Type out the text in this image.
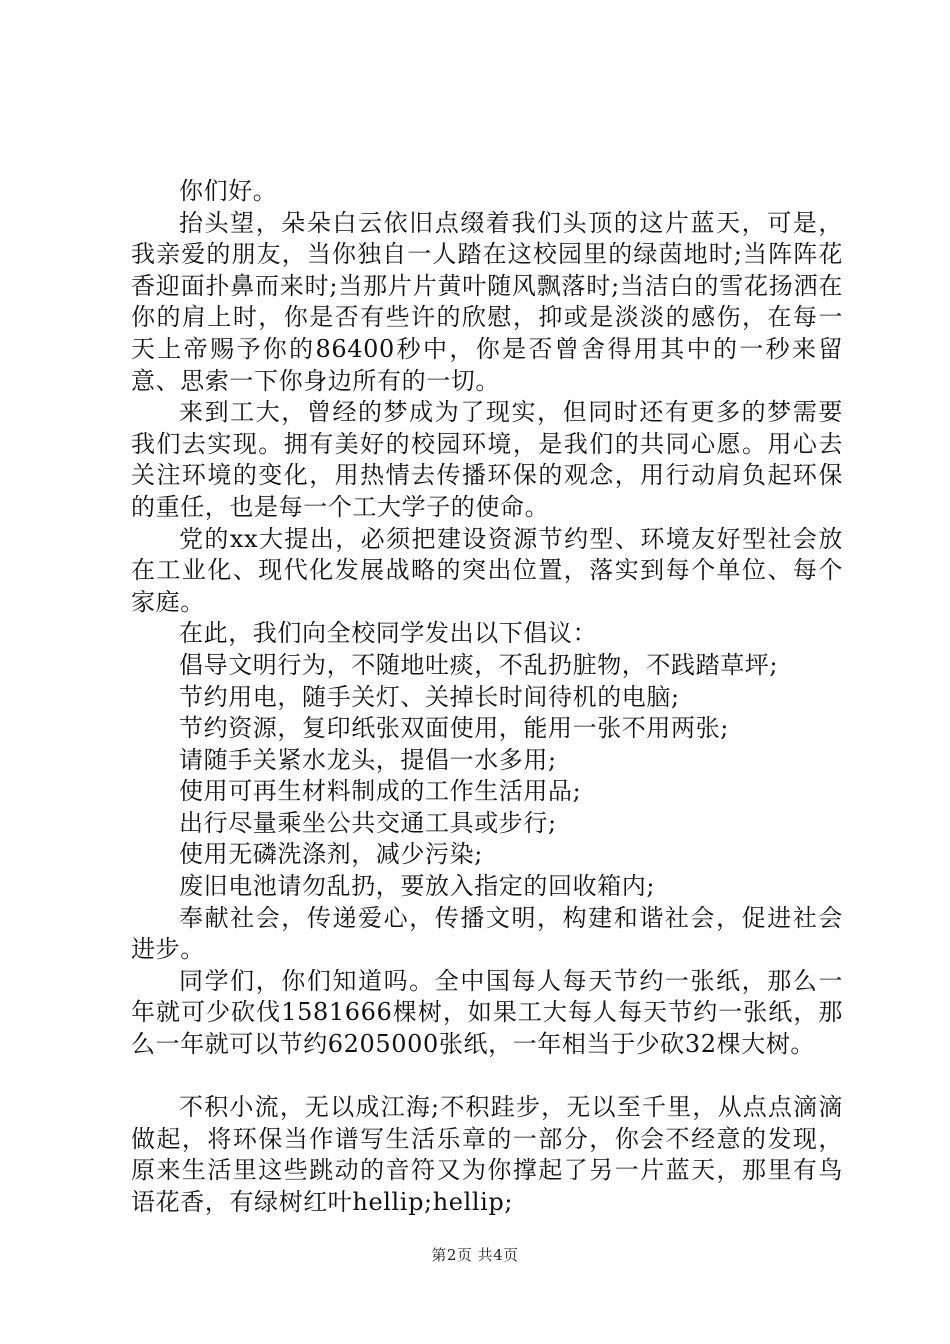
你们好。

抬头望，朵朵白云依旧点缀着我们头顶的这片蓝天，可是，我亲爱的朋友，当你独自一人踏在这校园里的绿茵地时;当阵阵花香迎面扑鼻而来时;当那片片黄叶随风飘落时;当洁白的雪花扬洒在你的肩上时，你是否有些许的欣慰，抑或是淡淡的感伤，在每一天上帝赐予你的86400秒中，你是否曾舍得用其中的一秒来留意、思索一下你身边所有的一切。

来到工大，曾经的梦成为了现实，但同时还有更多的梦需要我们去实现。拥有美好的校园环境，是我们的共同心愿。用心去关注环境的变化，用热情去传播环保的观念，用行动肩负起环保的重任，也是每一个工大学子的使命。

党的xx大提出，必须把建设资源节约型、环境友好型社会放在工业化、现代化发展战略的突出位置，落实到每个单位、每个家庭。

在此，我们向全校同学发出以下倡议：

倡导文明行为，不随地吐痰，不乱扔脏物，不践踏草坪;

节约用电，随手关灯、关掉长时间待机的电脑;

节约资源，复印纸张双面使用，能用一张不用两张;

请随手关紧水龙头，提倡一水多用;

使用可再生材料制成的工作生活用品;

出行尽量乘坐公共交通工具或步行;

使用无磷洗涤剂，减少污染;

废旧电池请勿乱扔，要放入指定的回收箱内;

奉献社会，传递爱心，传播文明，构建和谐社会，促进社会进步。

同学们，你们知道吗。全中国每人每天节约一张纸，那么一年就可少砍伐1581666棵树，如果工大每人每天节约一张纸，那么一年就可以节约6205000张纸，一年相当于少砍32棵大树。

不积小流，无以成江海;不积跬步，无以至千里，从点点滴滴做起，将环保当作谱写生活乐章的一部分，你会不经意的发现，原来生活里这些跳动的音符又为你撑起了另一片蓝天，那里有鸟语花香，有绿树红叶hellip;hellip;

第2页 共4页
